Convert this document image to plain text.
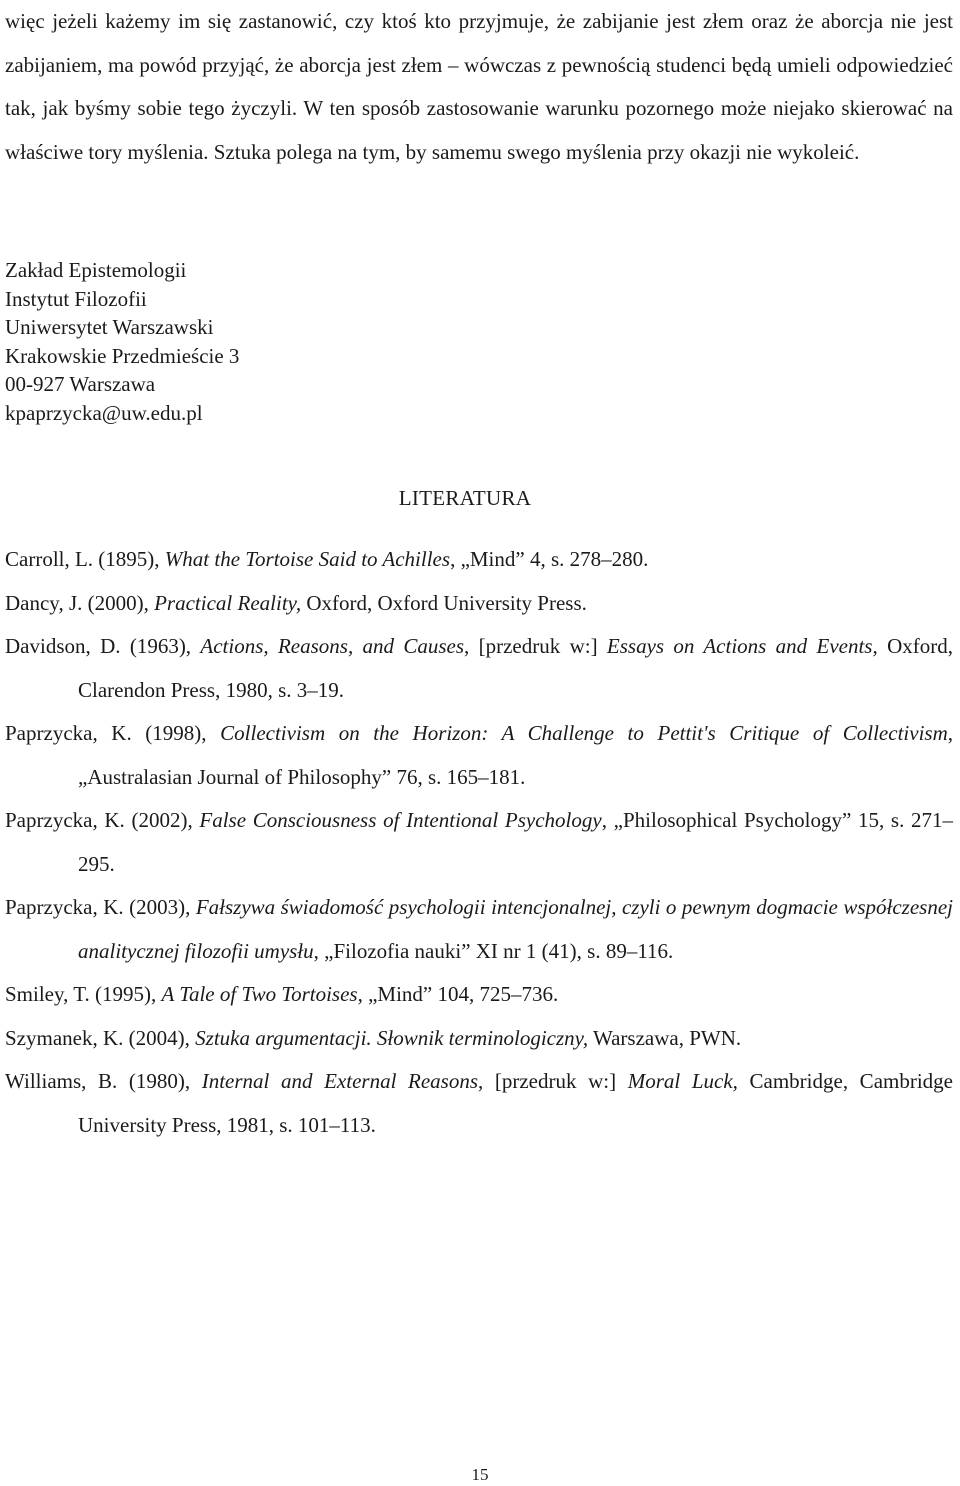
więc jeżeli każemy im się zastanowić, czy ktoś kto przyjmuje, że zabijanie jest złem oraz że aborcja nie jest zabijaniem, ma powód przyjąć, że aborcja jest złem – wówczas z pewnością studenci będą umieli odpowiedzieć tak, jak byśmy sobie tego życzyli. W ten sposób zastosowanie warunku pozornego może niejako skierować na właściwe tory myślenia. Sztuka polega na tym, by samemu swego myślenia przy okazji nie wykoleić.

Zakład Epistemologii
Instytut Filozofii
Uniwersytet Warszawski
Krakowskie Przedmieście 3
00-927 Warszawa
kpaprzycka@uw.edu.pl
LITERATURA

Carroll, L. (1895), What the Tortoise Said to Achilles, „Mind” 4, s. 278–280.

Dancy, J. (2000), Practical Reality, Oxford, Oxford University Press.

Davidson, D. (1963), Actions, Reasons, and Causes, [przedruk w:] Essays on Actions and Events, Oxford, Clarendon Press, 1980, s. 3–19.

Paprzycka, K. (1998), Collectivism on the Horizon: A Challenge to Pettit's Critique of Collectivism, „Australasian Journal of Philosophy” 76, s. 165–181.

Paprzycka, K. (2002), False Consciousness of Intentional Psychology, „Philosophical Psychology” 15, s. 271–295.

Paprzycka, K. (2003), Fałszywa świadomość psychologii intencjonalnej, czyli o pewnym dogmacie współczesnej analitycznej filozofii umysłu, „Filozofia nauki” XI nr 1 (41), s. 89–116.

Smiley, T. (1995), A Tale of Two Tortoises, „Mind” 104, 725–736.

Szymanek, K. (2004), Sztuka argumentacji. Słownik terminologiczny, Warszawa, PWN.

Williams, B. (1980), Internal and External Reasons, [przedruk w:] Moral Luck, Cambridge, Cambridge University Press, 1981, s. 101–113.

15
